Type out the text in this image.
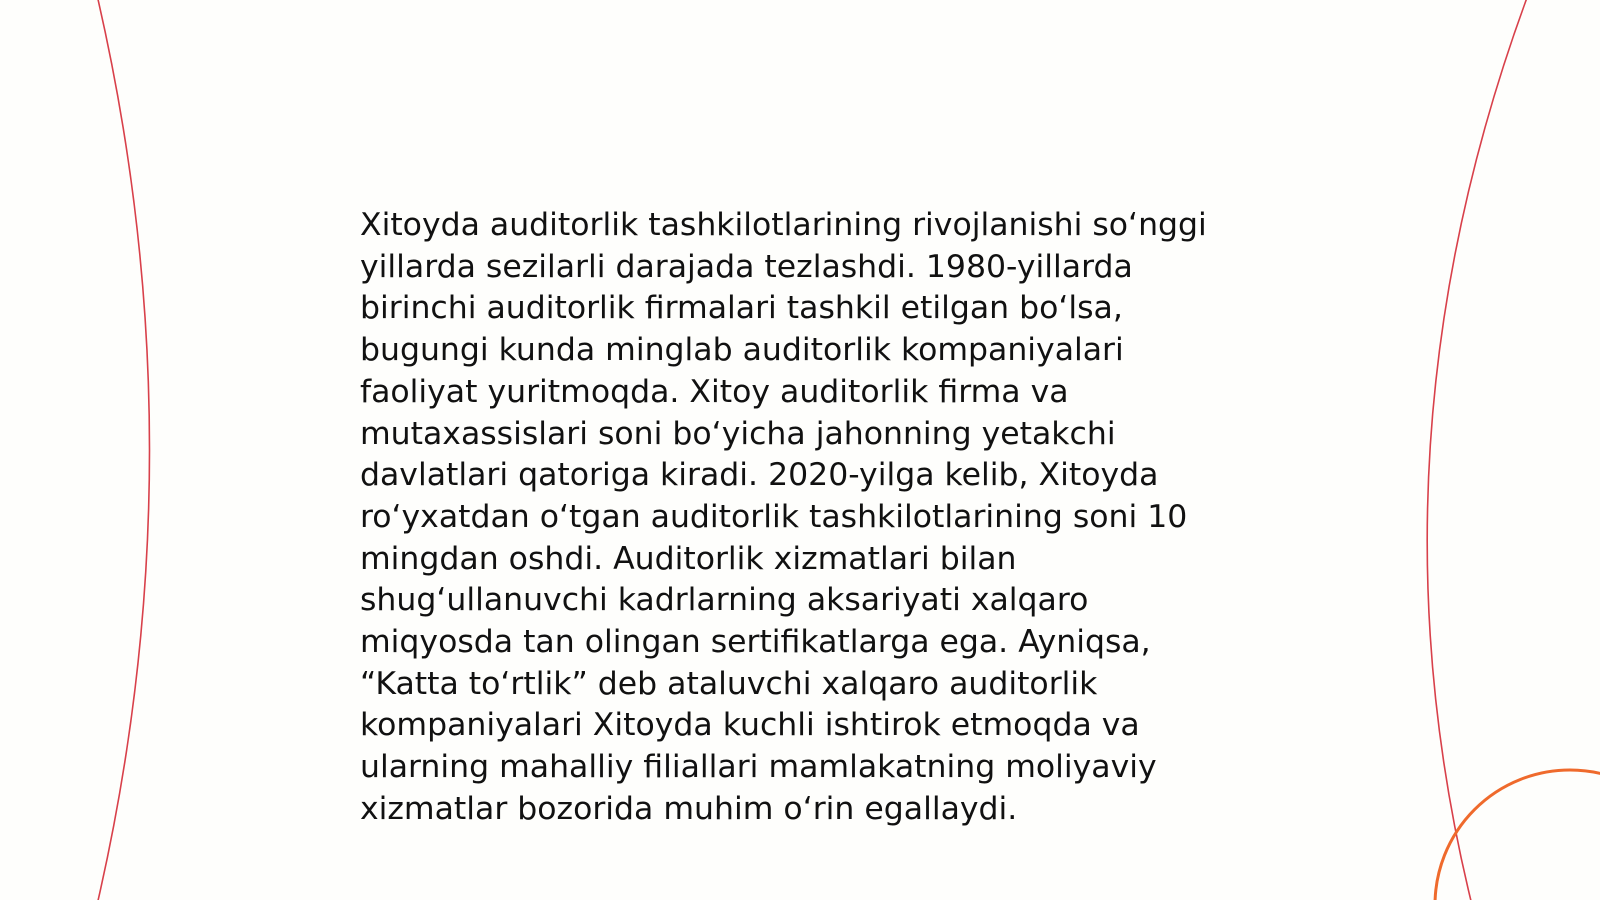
Xitoyda auditorlik tashkilotlarining rivojlanishi so‘nggi
yillarda sezilarli darajada tezlashdi. 1980-yillarda
birinchi auditorlik firmalari tashkil etilgan bo‘lsa,
bugungi kunda minglab auditorlik kompaniyalari
faoliyat yuritmoqda. Xitoy auditorlik firma va
mutaxassislari soni bo‘yicha jahonning yetakchi
davlatlari qatoriga kiradi. 2020-yilga kelib, Xitoyda
ro‘yxatdan o‘tgan auditorlik tashkilotlarining soni 10
mingdan oshdi. Auditorlik xizmatlari bilan
shug‘ullanuvchi kadrlarning aksariyati xalqaro
miqyosda tan olingan sertifikatlarga ega. Ayniqsa,
“Katta to‘rtlik” deb ataluvchi xalqaro auditorlik
kompaniyalari Xitoyda kuchli ishtirok etmoqda va
ularning mahalliy filiallari mamlakatning moliyaviy
xizmatlar bozorida muhim o‘rin egallaydi.
